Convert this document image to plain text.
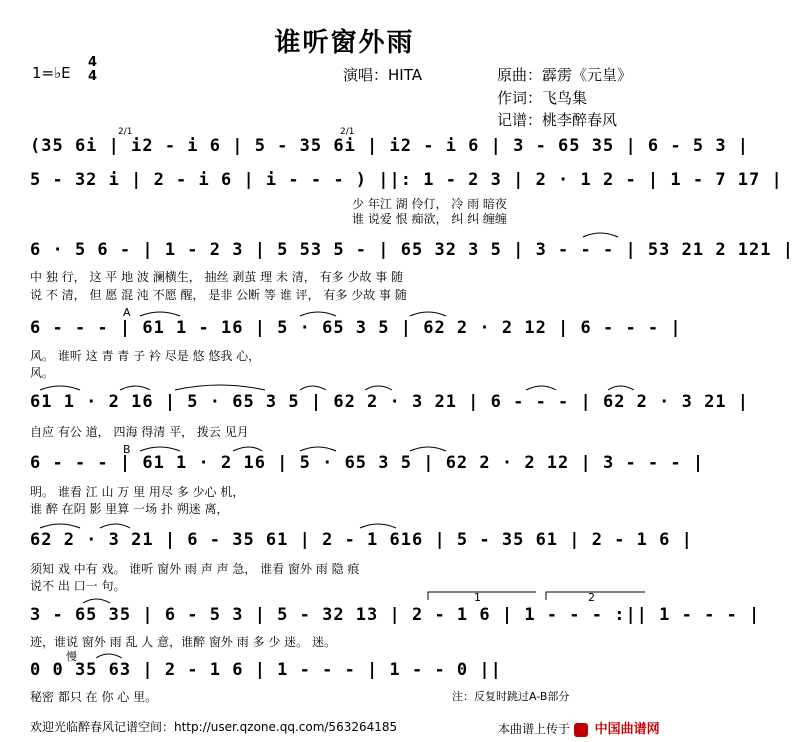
谁听窗外雨
1=♭E
4
4	演唱：HITA	原曲：霹雳《元皇》
作词：飞鸟集
记谱：桃李醉春风
2/1	2/1
A
B
1	2
慢
(35 6i | i2 - i 6 | 5 - 35 6i | i2 - i 6 | 3 - 65 35 | 6 - 5 3 |
5 - 32 i | 2 - i 6 | i - - - ) ||: 1 - 2 3 | 2 · 1 2 - | 1 - 7 17 |
少 年江 湖 伶仃， 冷 雨 暗夜
谁 说爱 恨 痴欲， 纠 纠 缠缠
6 · 5 6 - | 1 - 2 3 | 5 53 5 - | 65 32 3 5 | 3 - - - | 53 21 2 121 |
中 独 行， 这 平 地 波 澜横生， 抽丝 剥茧 理 未 清， 有多 少故 事 随
说 不 清， 但 愿 混 沌 不愿 醒， 是非 公断 等 谁 评， 有多 少故 事 随
6 - - - | 61 1 - 16 | 5 · 65 3 5 | 62 2 · 2 12 | 6 - - - |
风。 谁听 这 青 青 子 衿 尽是 悠 悠我 心，
风。
61 1 · 2 16 | 5 · 65 3 5 | 62 2 · 3 21 | 6 - - - | 62 2 · 3 21 |
自应 有公 道， 四海 得清 平， 拨云 见月
6 - - - | 61 1 · 2 16 | 5 · 65 3 5 | 62 2 · 2 12 | 3 - - - |
明。 谁看 江 山 万 里 用尽 多 少心 机，
谁 醉 在阴 影 里算 一场 扑 朔迷 离，
62 2 · 3 21 | 6 - 35 61 | 2 - 1 616 | 5 - 35 61 | 2 - 1 6 |
须知 戏 中有 戏。 谁听 窗外 雨 声 声 急， 谁看 窗外 雨 隐 痕
说不 出 口一 句。
3 - 65 35 | 6 - 5 3 | 5 - 32 13 | 2 - 1 6 | 1 - - - :|| 1 - - - |
迹，谁说 窗外 雨 乱 人 意，谁醉 窗外 雨 多 少 迷。 迷。
0 0 35 63 | 2 - 1 6 | 1 - - - | 1 - - 0 ||
秘密 都只 在 你 心 里。	注：反复时跳过A-B部分
欢迎光临醉春风记谱空间：http://user.qzone.qq.com/563264185	本曲谱上传于 中国曲谱网
